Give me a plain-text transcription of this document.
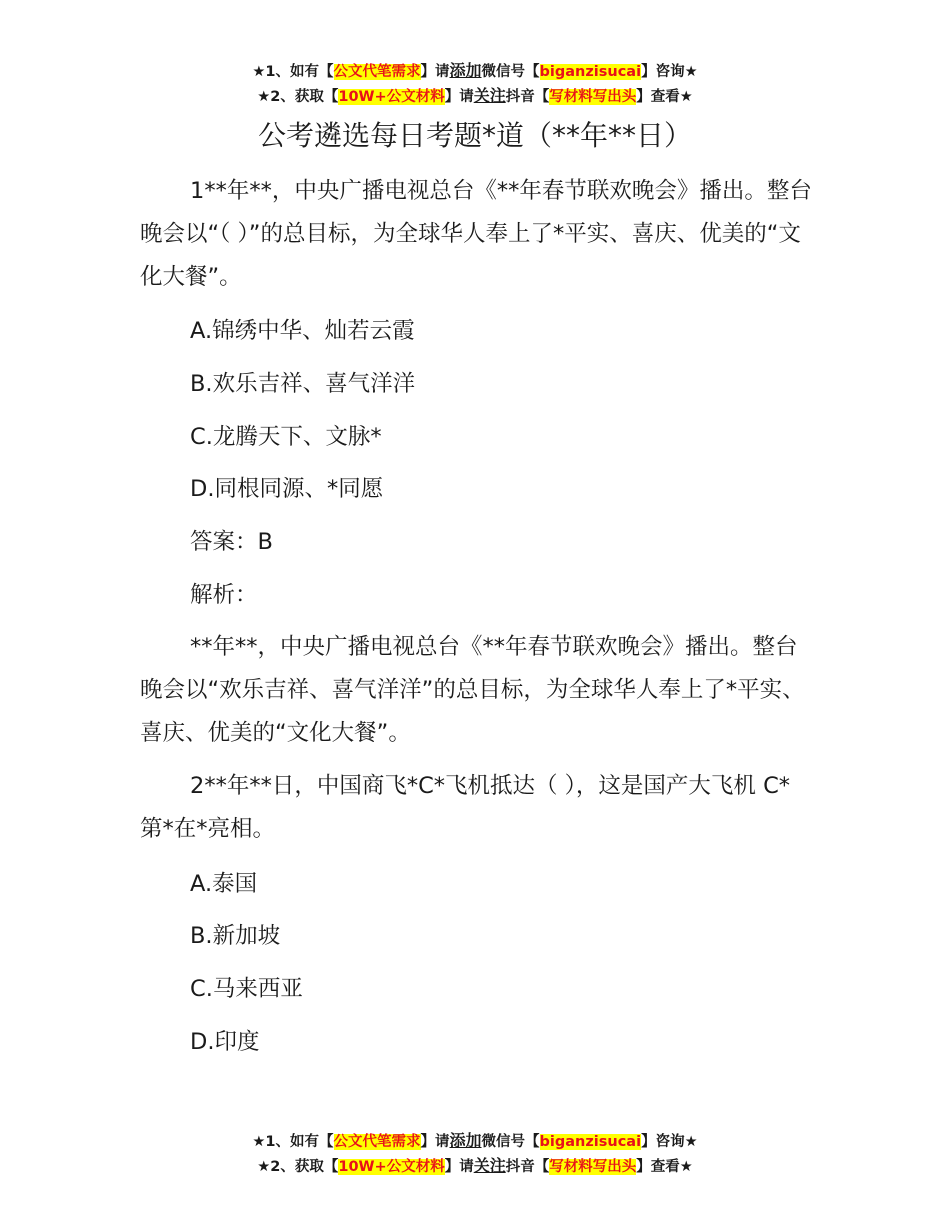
★1、如有【公文代笔需求】请添加微信号【biganzisucai】咨询★
★2、获取【10W+公文材料】请关注抖音【写材料写出头】查看★
公考遴选每日考题*道（**年**日）

1**年**，中央广播电视总台《**年春节联欢晚会》播出。整台晚会以“（ ）”的总目标，为全球华人奉上了*平实、喜庆、优美的“文化大餐”。

A.锦绣中华、灿若云霞
B.欢乐吉祥、喜气洋洋
C.龙腾天下、文脉*
D.同根同源、*同愿
答案：B
解析：

**年**，中央广播电视总台《**年春节联欢晚会》播出。整台晚会以“欢乐吉祥、喜气洋洋”的总目标，为全球华人奉上了*平实、喜庆、优美的“文化大餐”。

2**年**日，中国商飞*C*飞机抵达（ ），这是国产大飞机 C*第*在*亮相。

A.泰国
B.新加坡
C.马来西亚
D.印度
★1、如有【公文代笔需求】请添加微信号【biganzisucai】咨询★
★2、获取【10W+公文材料】请关注抖音【写材料写出头】查看★
